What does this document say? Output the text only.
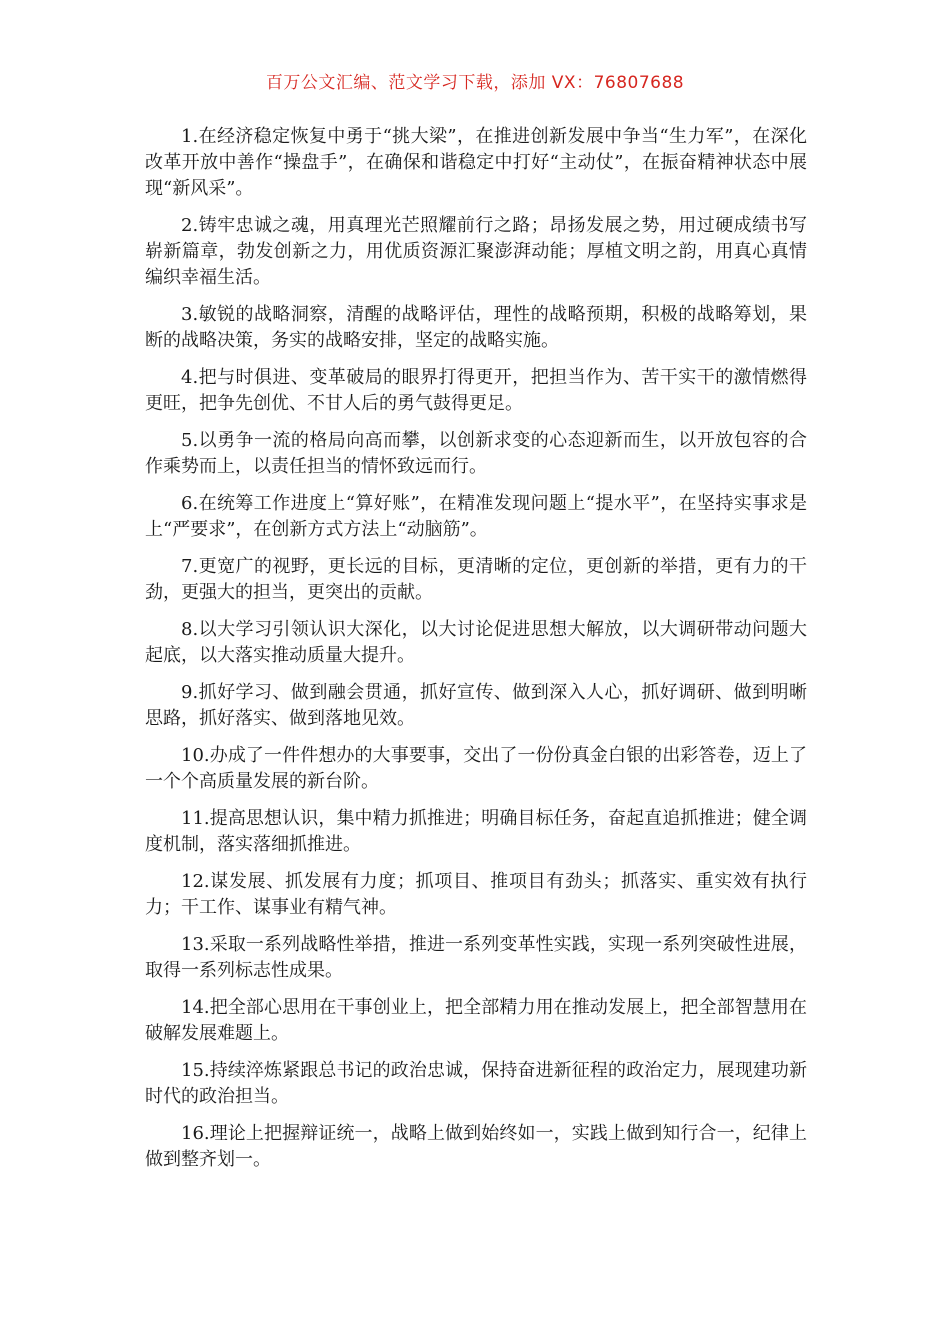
百万公文汇编、范文学习下载，添加 VX：76807688

1.在经济稳定恢复中勇于“挑大梁”，在推进创新发展中争当“生力军”，在深化改革开放中善作“操盘手”，在确保和谐稳定中打好“主动仗”，在振奋精神状态中展现“新风采”。

2.铸牢忠诚之魂，用真理光芒照耀前行之路；昂扬发展之势，用过硬成绩书写崭新篇章，勃发创新之力，用优质资源汇聚澎湃动能；厚植文明之韵，用真心真情编织幸福生活。

3.敏锐的战略洞察，清醒的战略评估，理性的战略预期，积极的战略筹划，果断的战略决策，务实的战略安排，坚定的战略实施。

4.把与时俱进、变革破局的眼界打得更开，把担当作为、苦干实干的激情燃得更旺，把争先创优、不甘人后的勇气鼓得更足。

5.以勇争一流的格局向高而攀，以创新求变的心态迎新而生，以开放包容的合作乘势而上，以责任担当的情怀致远而行。

6.在统筹工作进度上“算好账”，在精准发现问题上“提水平”，在坚持实事求是上“严要求”，在创新方式方法上“动脑筋”。

7.更宽广的视野，更长远的目标，更清晰的定位，更创新的举措，更有力的干劲，更强大的担当，更突出的贡献。

8.以大学习引领认识大深化，以大讨论促进思想大解放，以大调研带动问题大起底，以大落实推动质量大提升。

9.抓好学习、做到融会贯通，抓好宣传、做到深入人心，抓好调研、做到明晰思路，抓好落实、做到落地见效。

10.办成了一件件想办的大事要事，交出了一份份真金白银的出彩答卷，迈上了一个个高质量发展的新台阶。

11.提高思想认识，集中精力抓推进；明确目标任务，奋起直追抓推进；健全调度机制，落实落细抓推进。

12.谋发展、抓发展有力度；抓项目、推项目有劲头；抓落实、重实效有执行力；干工作、谋事业有精气神。

13.采取一系列战略性举措，推进一系列变革性实践，实现一系列突破性进展，取得一系列标志性成果。

14.把全部心思用在干事创业上，把全部精力用在推动发展上，把全部智慧用在破解发展难题上。

15.持续淬炼紧跟总书记的政治忠诚，保持奋进新征程的政治定力，展现建功新时代的政治担当。

16.理论上把握辩证统一，战略上做到始终如一，实践上做到知行合一，纪律上做到整齐划一。
